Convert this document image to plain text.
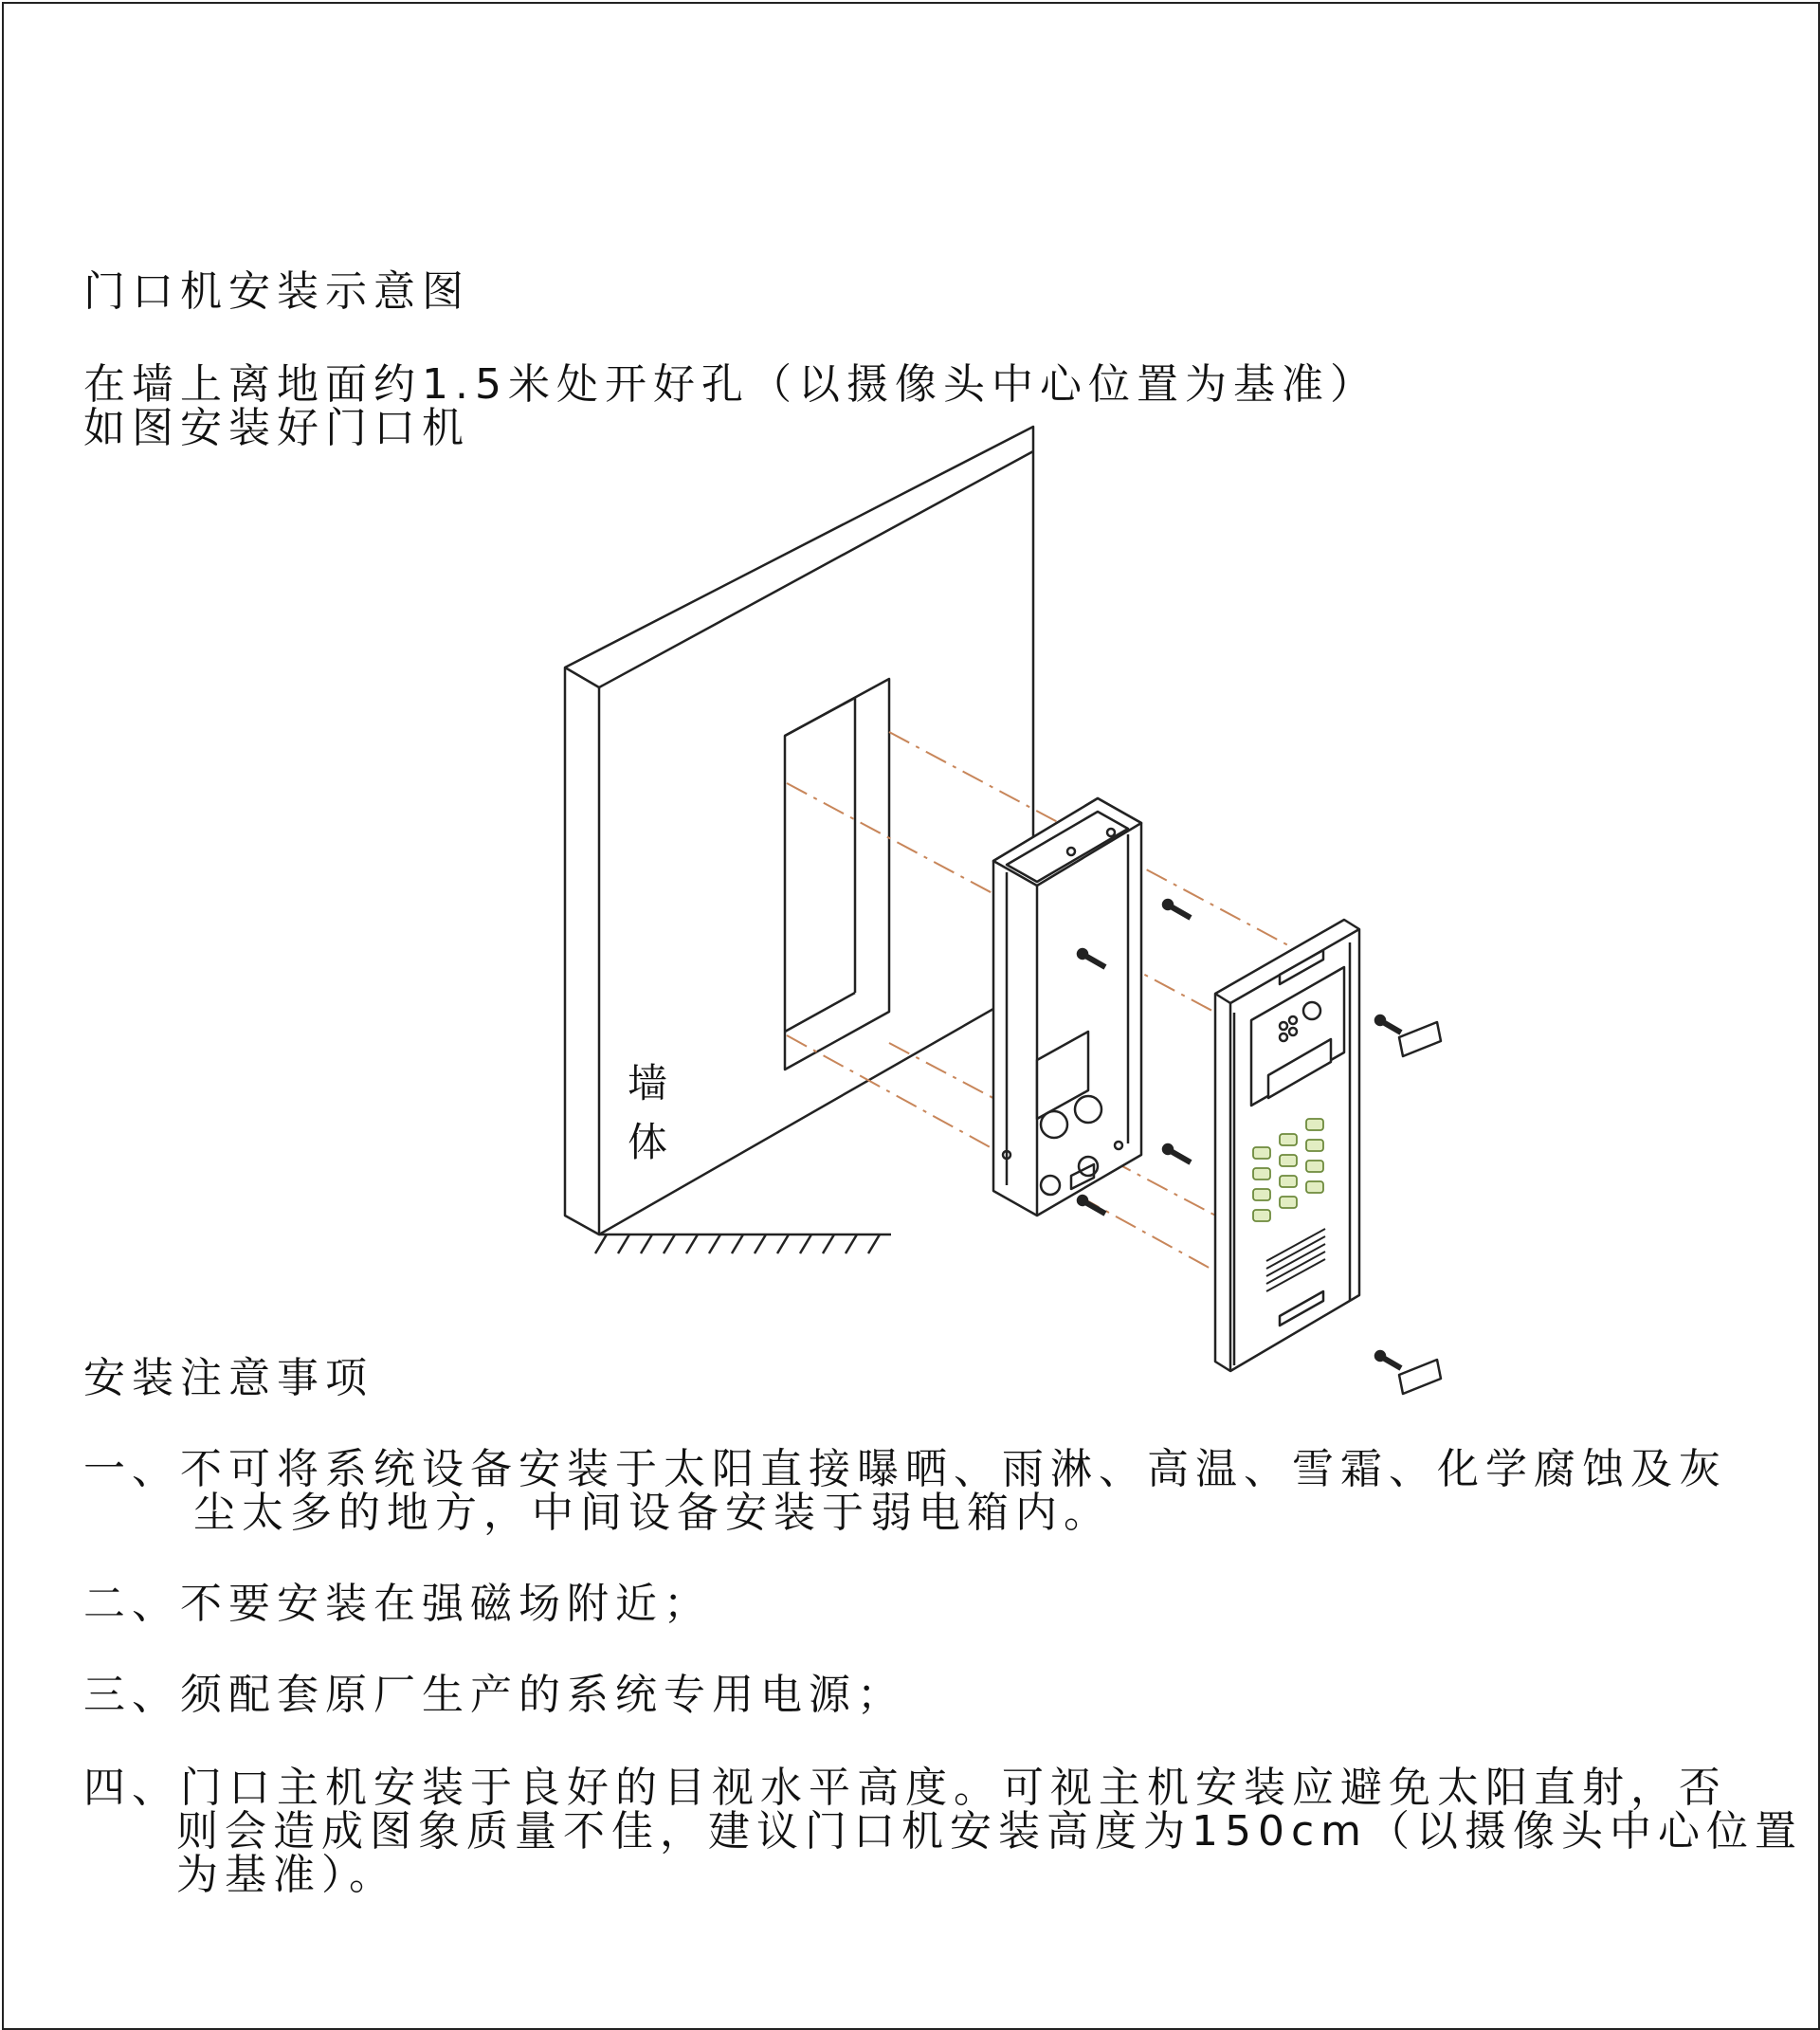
门口机安装示意图
在墙上离地面约1.5米处开好孔（以摄像头中心位置为基准）
如图安装好门口机
墙
体
安装注意事项
一、不可将系统设备安装于太阳直接曝晒、雨淋、高温、雪霜、化学腐蚀及灰
尘太多的地方，中间设备安装于弱电箱内。
二、不要安装在强磁场附近；
三、须配套原厂生产的系统专用电源；
四、门口主机安装于良好的目视水平高度。可视主机安装应避免太阳直射，否
则会造成图象质量不佳，建议门口机安装高度为150cm（以摄像头中心位置
为基准）。
